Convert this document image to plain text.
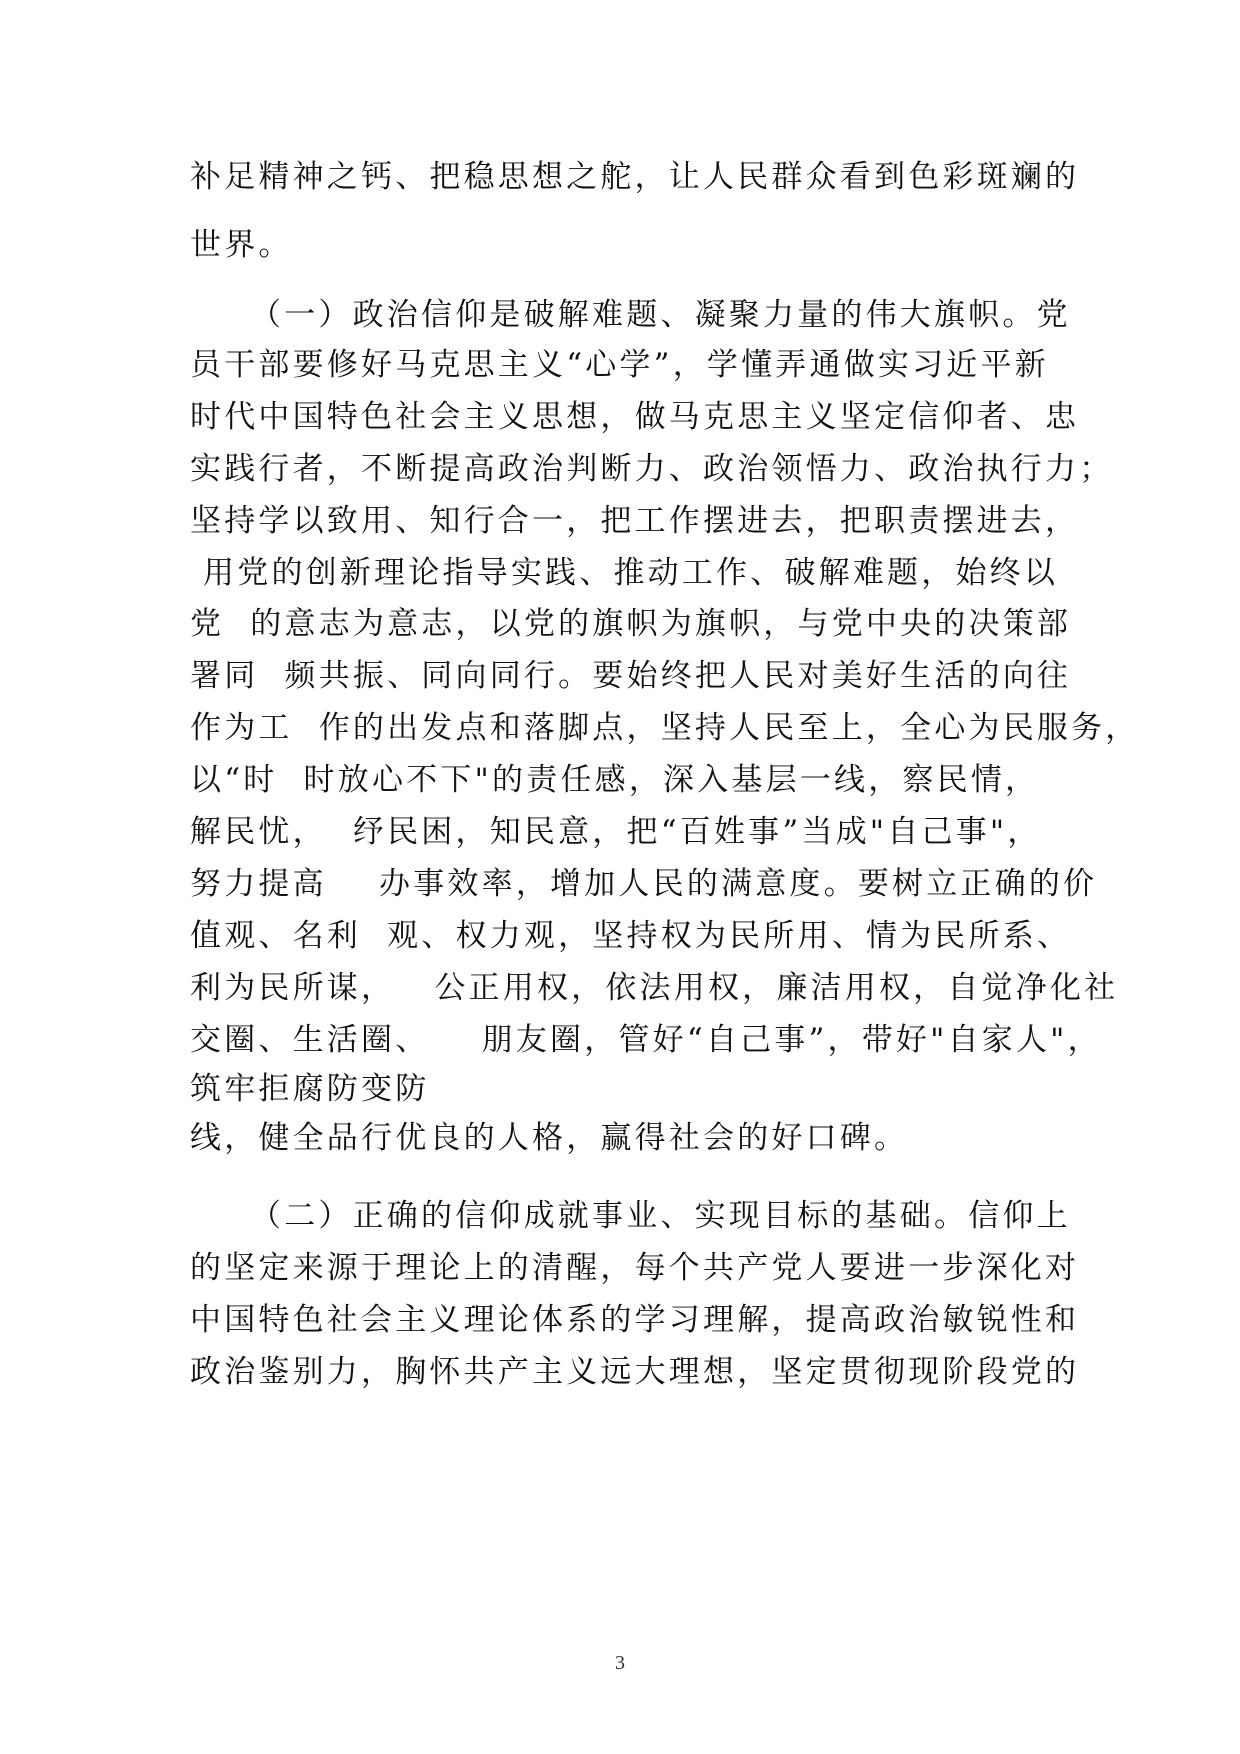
补足精神之钙、把稳思想之舵，让人民群众看到色彩斑斓的
世界。
（一）政治信仰是破解难题、凝聚力量的伟大旗帜。党
员干部要修好马克思主义“心学”，学懂弄通做实习近平新
时代中国特色社会主义思想，做马克思主义坚定信仰者、忠
实践行者，不断提高政治判断力、政治领悟力、政治执行力；
坚持学以致用、知行合一，把工作摆进去，把职责摆进去，
用党的创新理论指导实践、推动工作、破解难题，始终以
党  的意志为意志，以党的旗帜为旗帜，与党中央的决策部
署同  频共振、同向同行。要始终把人民对美好生活的向往
作为工  作的出发点和落脚点，坚持人民至上，全心为民服务，
以“时  时放心不下"的责任感，深入基层一线，察民情，
解民忧，  纾民困，知民意，把“百姓事”当成"自己事"，
努力提高    办事效率，增加人民的满意度。要树立正确的价
值观、名利  观、权力观，坚持权为民所用、情为民所系、
利为民所谋，   公正用权，依法用权，廉洁用权，自觉净化社
交圈、生活圈、    朋友圈，管好“自己事”，带好"自家人"，
筑牢拒腐防变防
线，健全品行优良的人格，赢得社会的好口碑。
（二）正确的信仰成就事业、实现目标的基础。信仰上
的坚定来源于理论上的清醒，每个共产党人要进一步深化对
中国特色社会主义理论体系的学习理解，提高政治敏锐性和
政治鉴别力，胸怀共产主义远大理想，坚定贯彻现阶段党的
3
